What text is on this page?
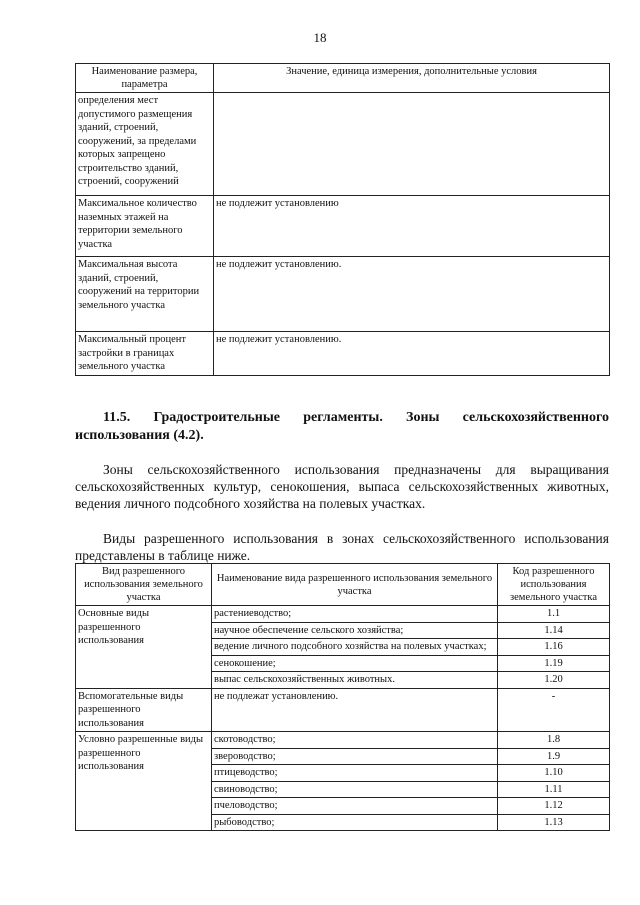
18
Наименование размера, параметра	Значение, единица измерения, дополнительные условия
определения мест допустимого размещения зданий, строений, сооружений, за пределами которых запрещено строительство зданий, строений, сооружений	
Максимальное количество наземных этажей на территории земельного участка	не подлежит установлению
Максимальная высота зданий, строений, сооружений на территории земельного участка	не подлежит установлению.
Максимальный процент застройки в границах земельного участка	не подлежит установлению.

11.5. Градостроительные регламенты. Зоны сельскохозяйственного использования (4.2).

Зоны сельскохозяйственного использования предназначены для выращивания сельскохозяйственных культур, сенокошения, выпаса сельскохозяйственных животных, ведения личного подсобного хозяйства на полевых участках.

Виды разрешенного использования в зонах сельскохозяйственного использования представлены в таблице ниже.

Вид разрешенного использования земельного участка	Наименование вида разрешенного использования земельного участка	Код разрешенного использования земельного участка
Основные виды разрешенного использования	растениеводство;	1.1
	научное обеспечение сельского хозяйства;	1.14
	ведение личного подсобного хозяйства на полевых участках;	1.16
	сенокошение;	1.19
	выпас сельскохозяйственных животных.	1.20
Вспомогательные виды разрешенного использования	не подлежат установлению.	-
Условно разрешенные виды разрешенного использования	скотоводство;	1.8
	звероводство;	1.9
	птицеводство;	1.10
	свиноводство;	1.11
	пчеловодство;	1.12
	рыбоводство;	1.13
